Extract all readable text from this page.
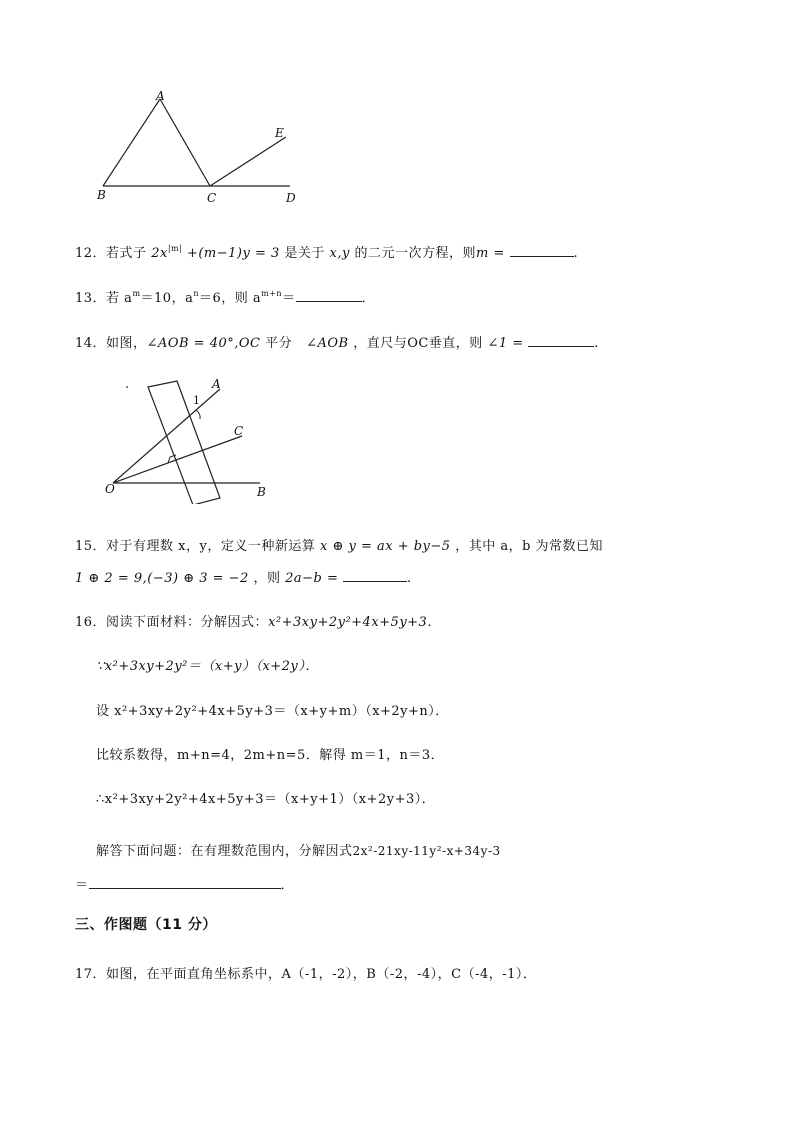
A
B	C	D
E
12．若式子 $2x^{|m|} +(m-1)y = 3$ 是关于 x,y 的二元一次方程，则m =	.
13．若 $a^m=10$，$a^n=6$，则 $a^{m+n}=$	．
14．如图，∠AOB = 40°,OC 平分 ∠AOB ，直尺与OC垂直，则 ∠1 =	.
A
C
O	B
1
15．对于有理数 x，y，定义一种新运算 x ⊕ y = ax + by−5 ，其中 a，b 为常数已知
1 ⊕ 2 = 9,(−3) ⊕ 3 = −2 ，则 2a−b =	.
16．阅读下面材料：分解因式：x²+3xy+2y²+4x+5y+3．
∵x²+3xy+2y²＝（x+y）（x+2y）．
设 x²+3xy+2y²+4x+5y+3＝（x+y+m）（x+2y+n）．
比较系数得，m+n=4，2m+n=5．解得 m＝1，n＝3．
∴x²+3xy+2y²+4x+5y+3＝（x+y+1）（x+2y+3）．
解答下面问题：在有理数范围内，分解因式2x²-21xy-11y²-x+34y-3
＝	．
三、作图题（11 分）
17．如图，在平面直角坐标系中，A（-1，-2），B（-2，-4），C（-4，-1）．
